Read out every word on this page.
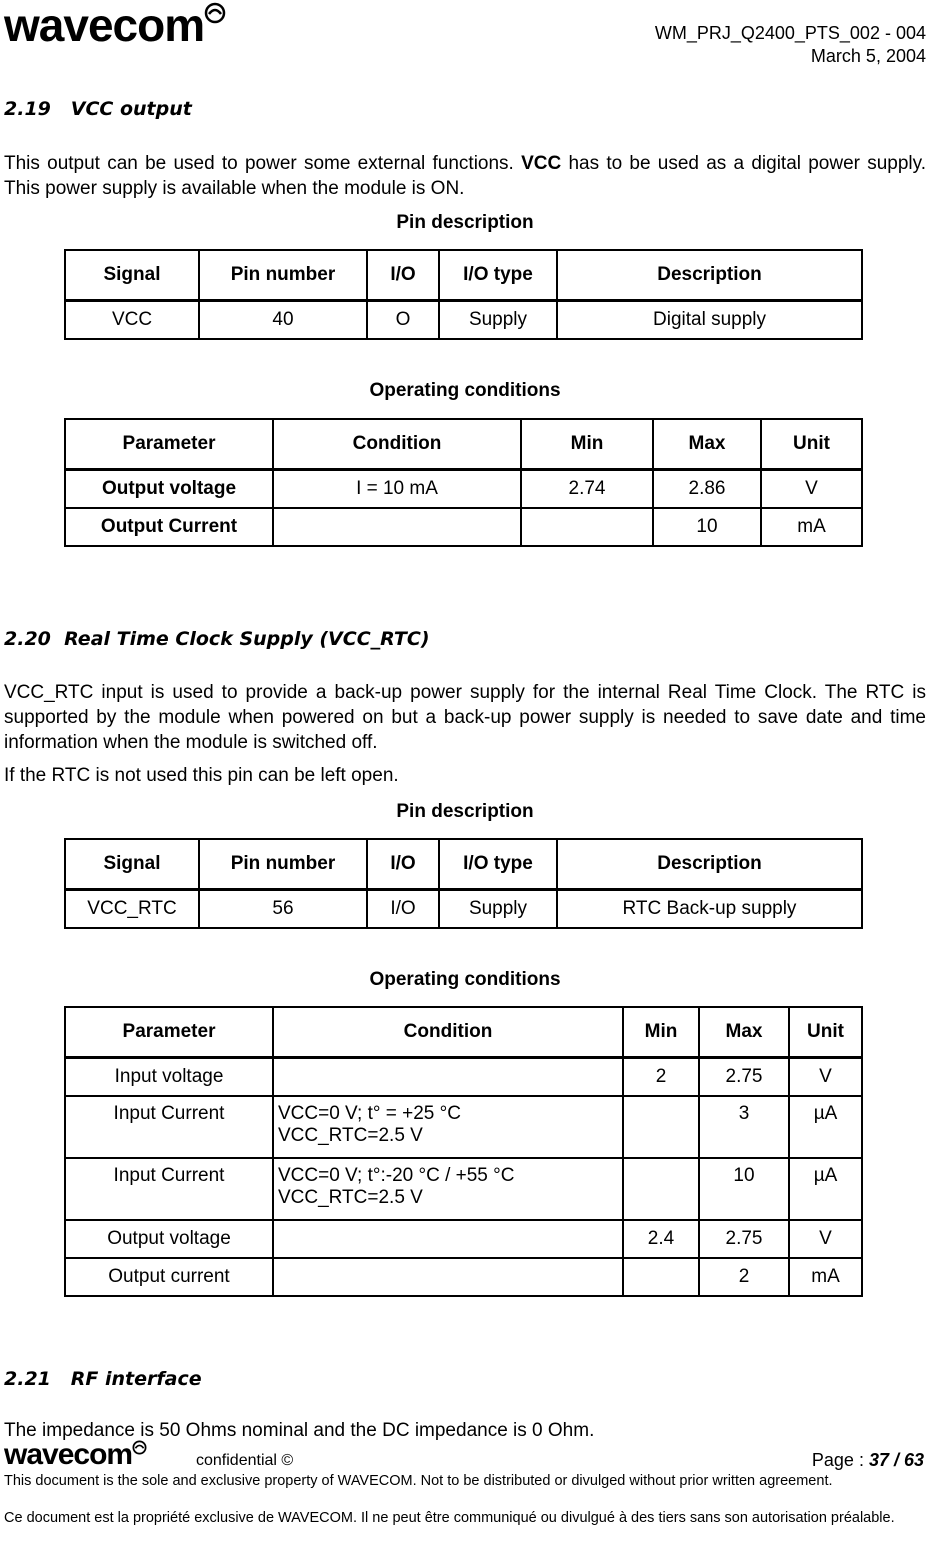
wavecom	WM_PRJ_Q2400_PTS_002 - 004
March 5, 2004
2.19 VCC output
This output can be used to power some external functions. VCC has to be used as a digital power supply. This power supply is available when the module is ON.
Pin description
Signal	Pin number	I/O	I/O type	Description
VCC	40	O	Supply	Digital supply
Operating conditions
Parameter	Condition	Min	Max	Unit
Output voltage	I = 10 mA	2.74	2.86	V
Output Current			10	mA
2.20 Real Time Clock Supply (VCC_RTC)
VCC_RTC input is used to provide a back-up power supply for the internal Real Time Clock. The RTC is supported by the module when powered on but a back-up power supply is needed to save date and time information when the module is switched off.
If the RTC is not used this pin can be left open.
Pin description
Signal	Pin number	I/O	I/O type	Description
VCC_RTC	56	I/O	Supply	RTC Back-up supply
Operating conditions
Parameter	Condition	Min	Max	Unit
Input voltage		2	2.75	V
Input Current	VCC=0 V; t° = +25 °C
VCC_RTC=2.5 V		3	µA
Input Current	VCC=0 V; t°:-20 °C / +55 °C
VCC_RTC=2.5 V		10	µA
Output voltage		2.4	2.75	V
Output current			2	mA
2.21 RF interface
The impedance is 50 Ohms nominal and the DC impedance is 0 Ohm.
wavecom	confidential ©	Page : 37 / 63
This document is the sole and exclusive property of WAVECOM. Not to be distributed or divulged without prior written agreement.
Ce document est la propriété exclusive de WAVECOM. Il ne peut être communiqué ou divulgué à des tiers sans son autorisation préalable.
